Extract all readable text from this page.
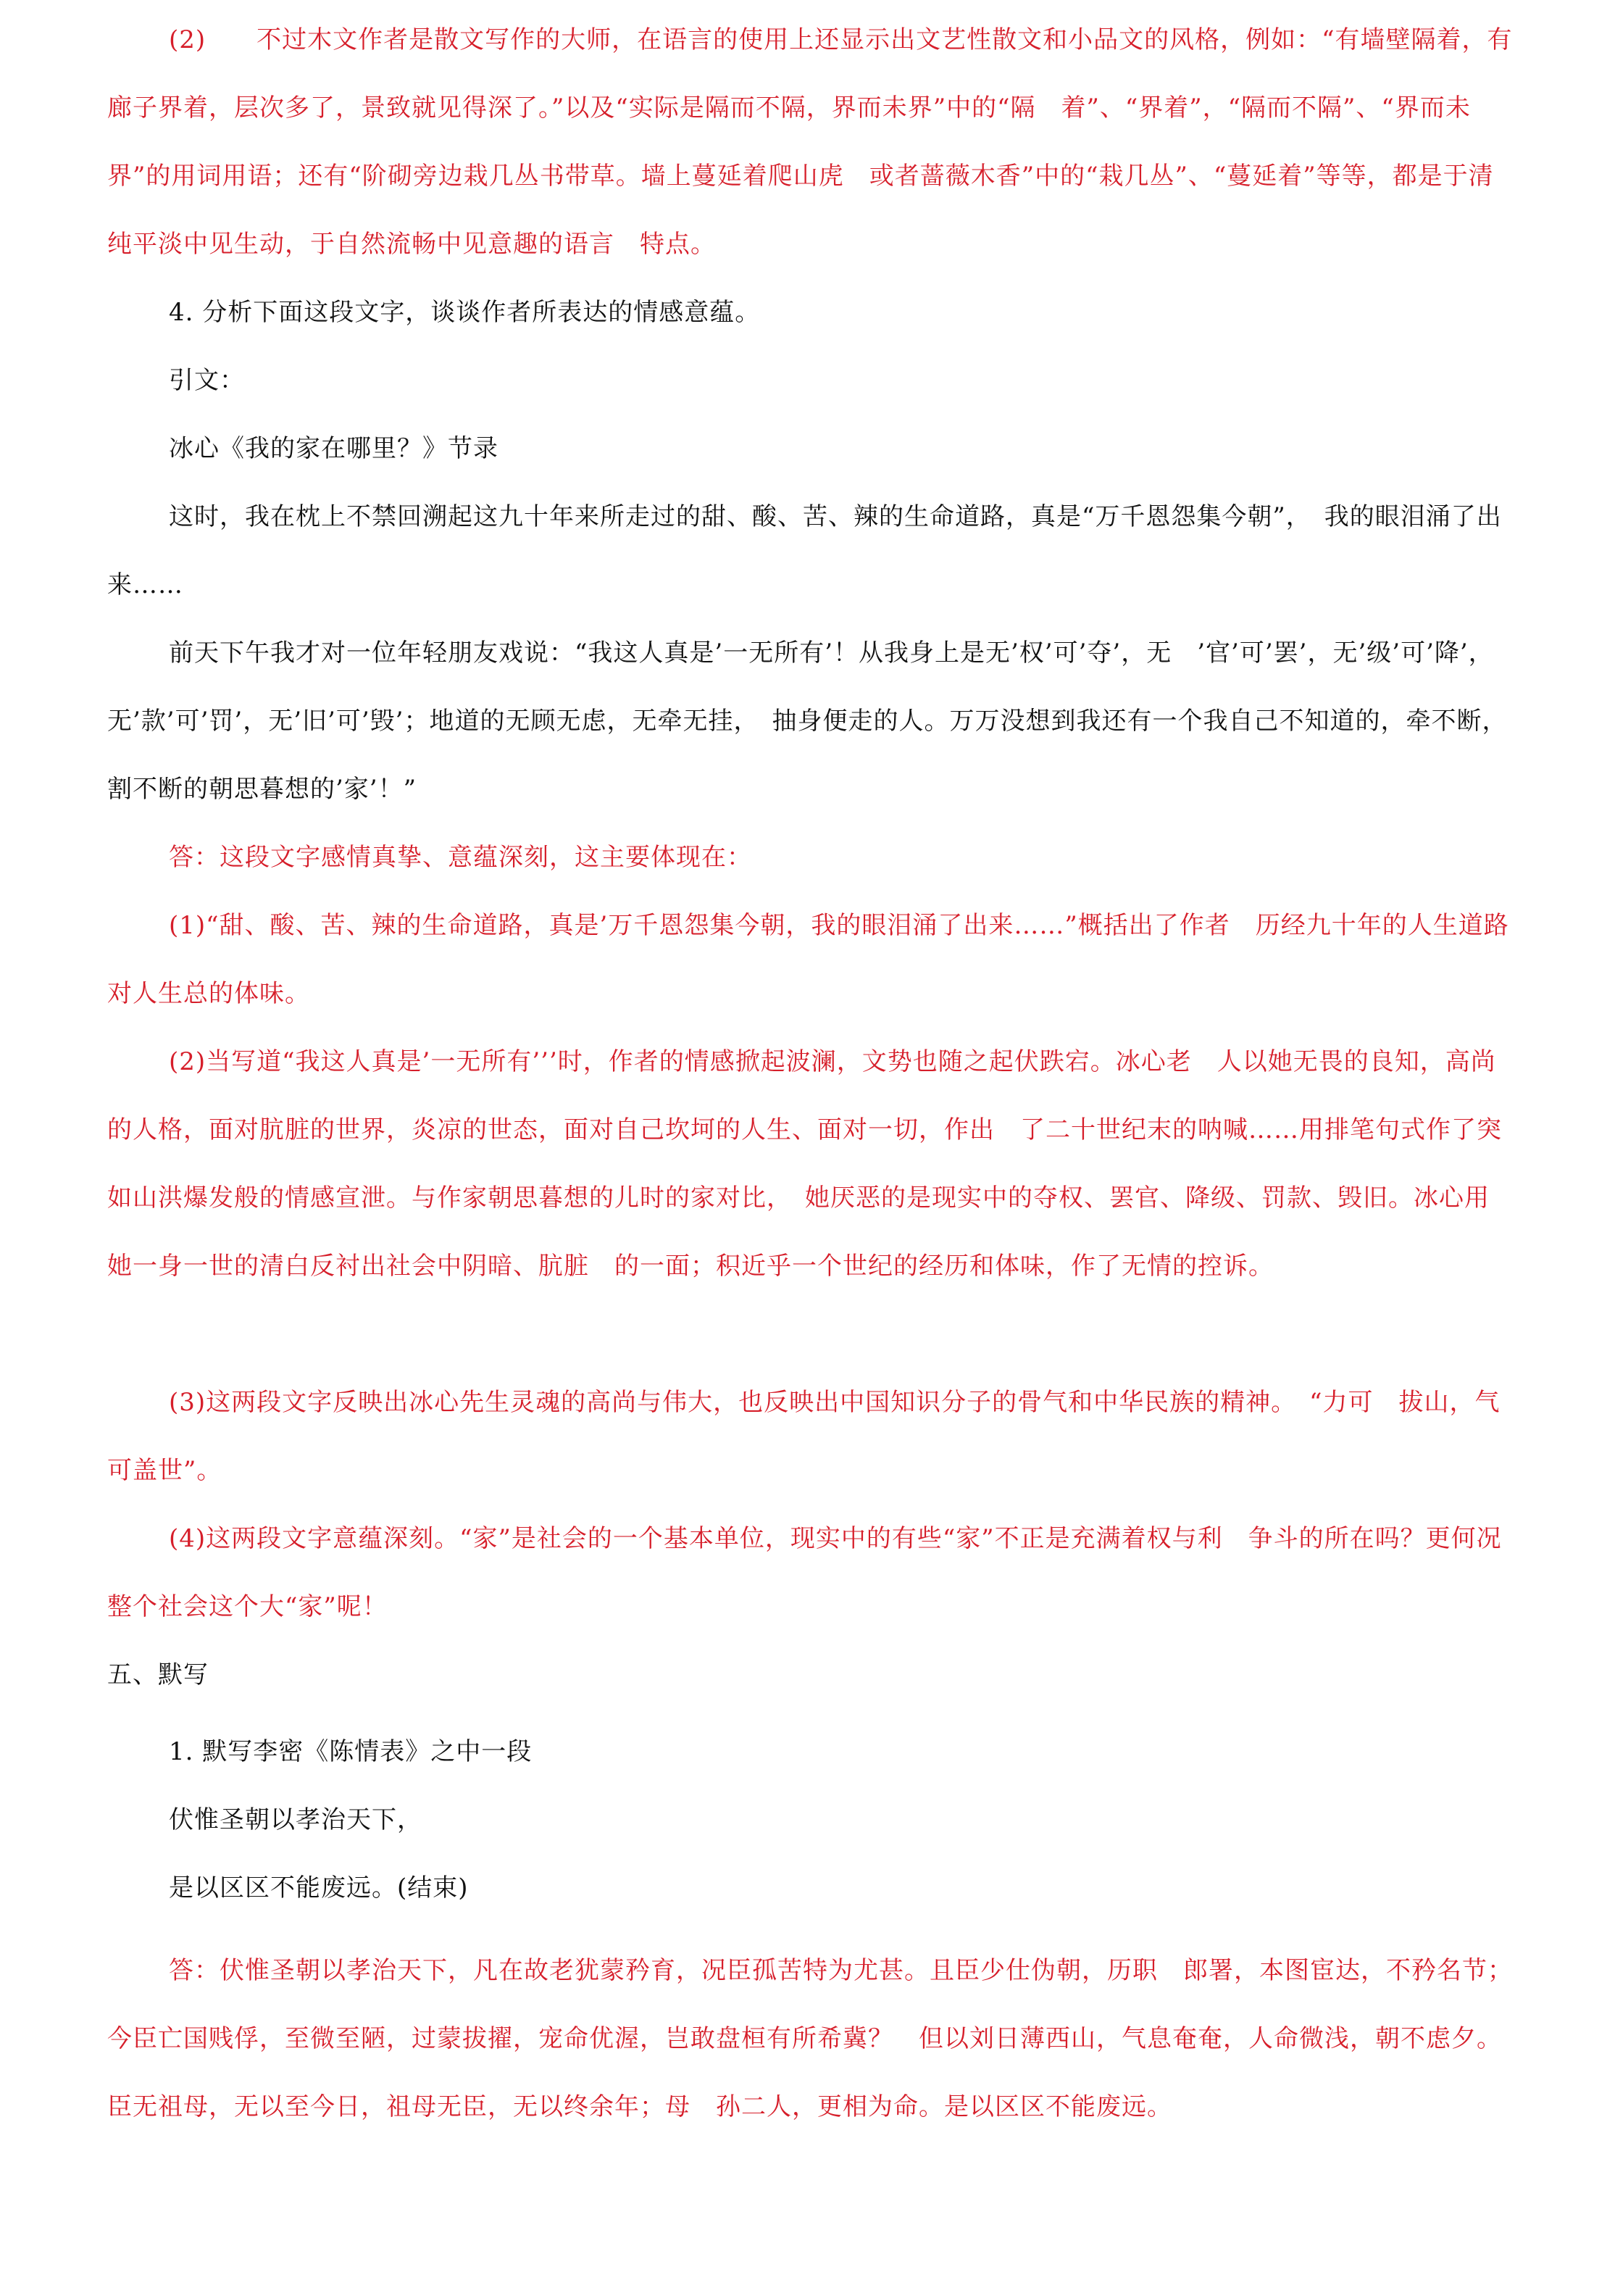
(2)　　不过木文作者是散文写作的大师，在语言的使用上还显示出文艺性散文和小品文的风格，例如：“有墙壁隔着，有廊子界着，层次多了，景致就见得深了。”以及“实际是隔而不隔，界而未界”中的“隔　着”、“界着”，“隔而不隔”、“界而未界”的用词用语；还有“阶砌旁边栽几丛书带草。墙上蔓延着爬山虎　或者蔷薇木香”中的“栽几丛”、“蔓延着”等等，都是于清纯平淡中见生动，于自然流畅中见意趣的语言　特点。

4. 分析下面这段文字，谈谈作者所表达的情感意蕴。

引文：

冰心《我的家在哪里？》节录

这时，我在枕上不禁回溯起这九十年来所走过的甜、酸、苦、辣的生命道路，真是“万千恩怨集今朝”，　我的眼泪涌了出来……

前天下午我才对一位年轻朋友戏说：“我这人真是’一无所有’！从我身上是无’权’可’夺’，无　’官’可’罢’，无’级’可’降’，无’款’可’罚’，无’旧’可’毁’；地道的无顾无虑，无牵无挂，　抽身便走的人。万万没想到我还有一个我自己不知道的，牵不断，割不断的朝思暮想的’家’！”

答：这段文字感情真挚、意蕴深刻，这主要体现在：

(1)“甜、酸、苦、辣的生命道路，真是’万千恩怨集今朝，我的眼泪涌了出来……”概括出了作者　历经九十年的人生道路对人生总的体味。

(2)当写道“我这人真是’一无所有’’’时，作者的情感掀起波澜，文势也随之起伏跌宕。冰心老　人以她无畏的良知，高尚的人格，面对肮脏的世界，炎凉的世态，面对自己坎坷的人生、面对一切，作出　了二十世纪末的呐喊……用排笔句式作了突如山洪爆发般的情感宣泄。与作家朝思暮想的儿时的家对比，　她厌恶的是现实中的夺权、罢官、降级、罚款、毁旧。冰心用她一身一世的清白反衬出社会中阴暗、肮脏　的一面；积近乎一个世纪的经历和体味，作了无情的控诉。

(3)这两段文字反映出冰心先生灵魂的高尚与伟大，也反映出中国知识分子的骨气和中华民族的精神。　“力可　拔山，气可盖世”。

(4)这两段文字意蕴深刻。“家”是社会的一个基本单位，现实中的有些“家”不正是充满着权与利　争斗的所在吗？更何况整个社会这个大“家”呢！

五、默写

1. 默写李密《陈情表》之中一段

伏惟圣朝以孝治天下，

是以区区不能废远。(结束)

答：伏惟圣朝以孝治天下，凡在故老犹蒙矜育，况臣孤苦特为尤甚。且臣少仕伪朝，历职　郎署，本图宦达，不矜名节；今臣亡国贱俘，至微至陋，过蒙拔擢，宠命优渥，岂敢盘桓有所希冀？　但以刘日薄西山，气息奄奄，人命微浅，朝不虑夕。臣无祖母，无以至今日，祖母无臣，无以终余年；母　孙二人，更相为命。是以区区不能废远。
